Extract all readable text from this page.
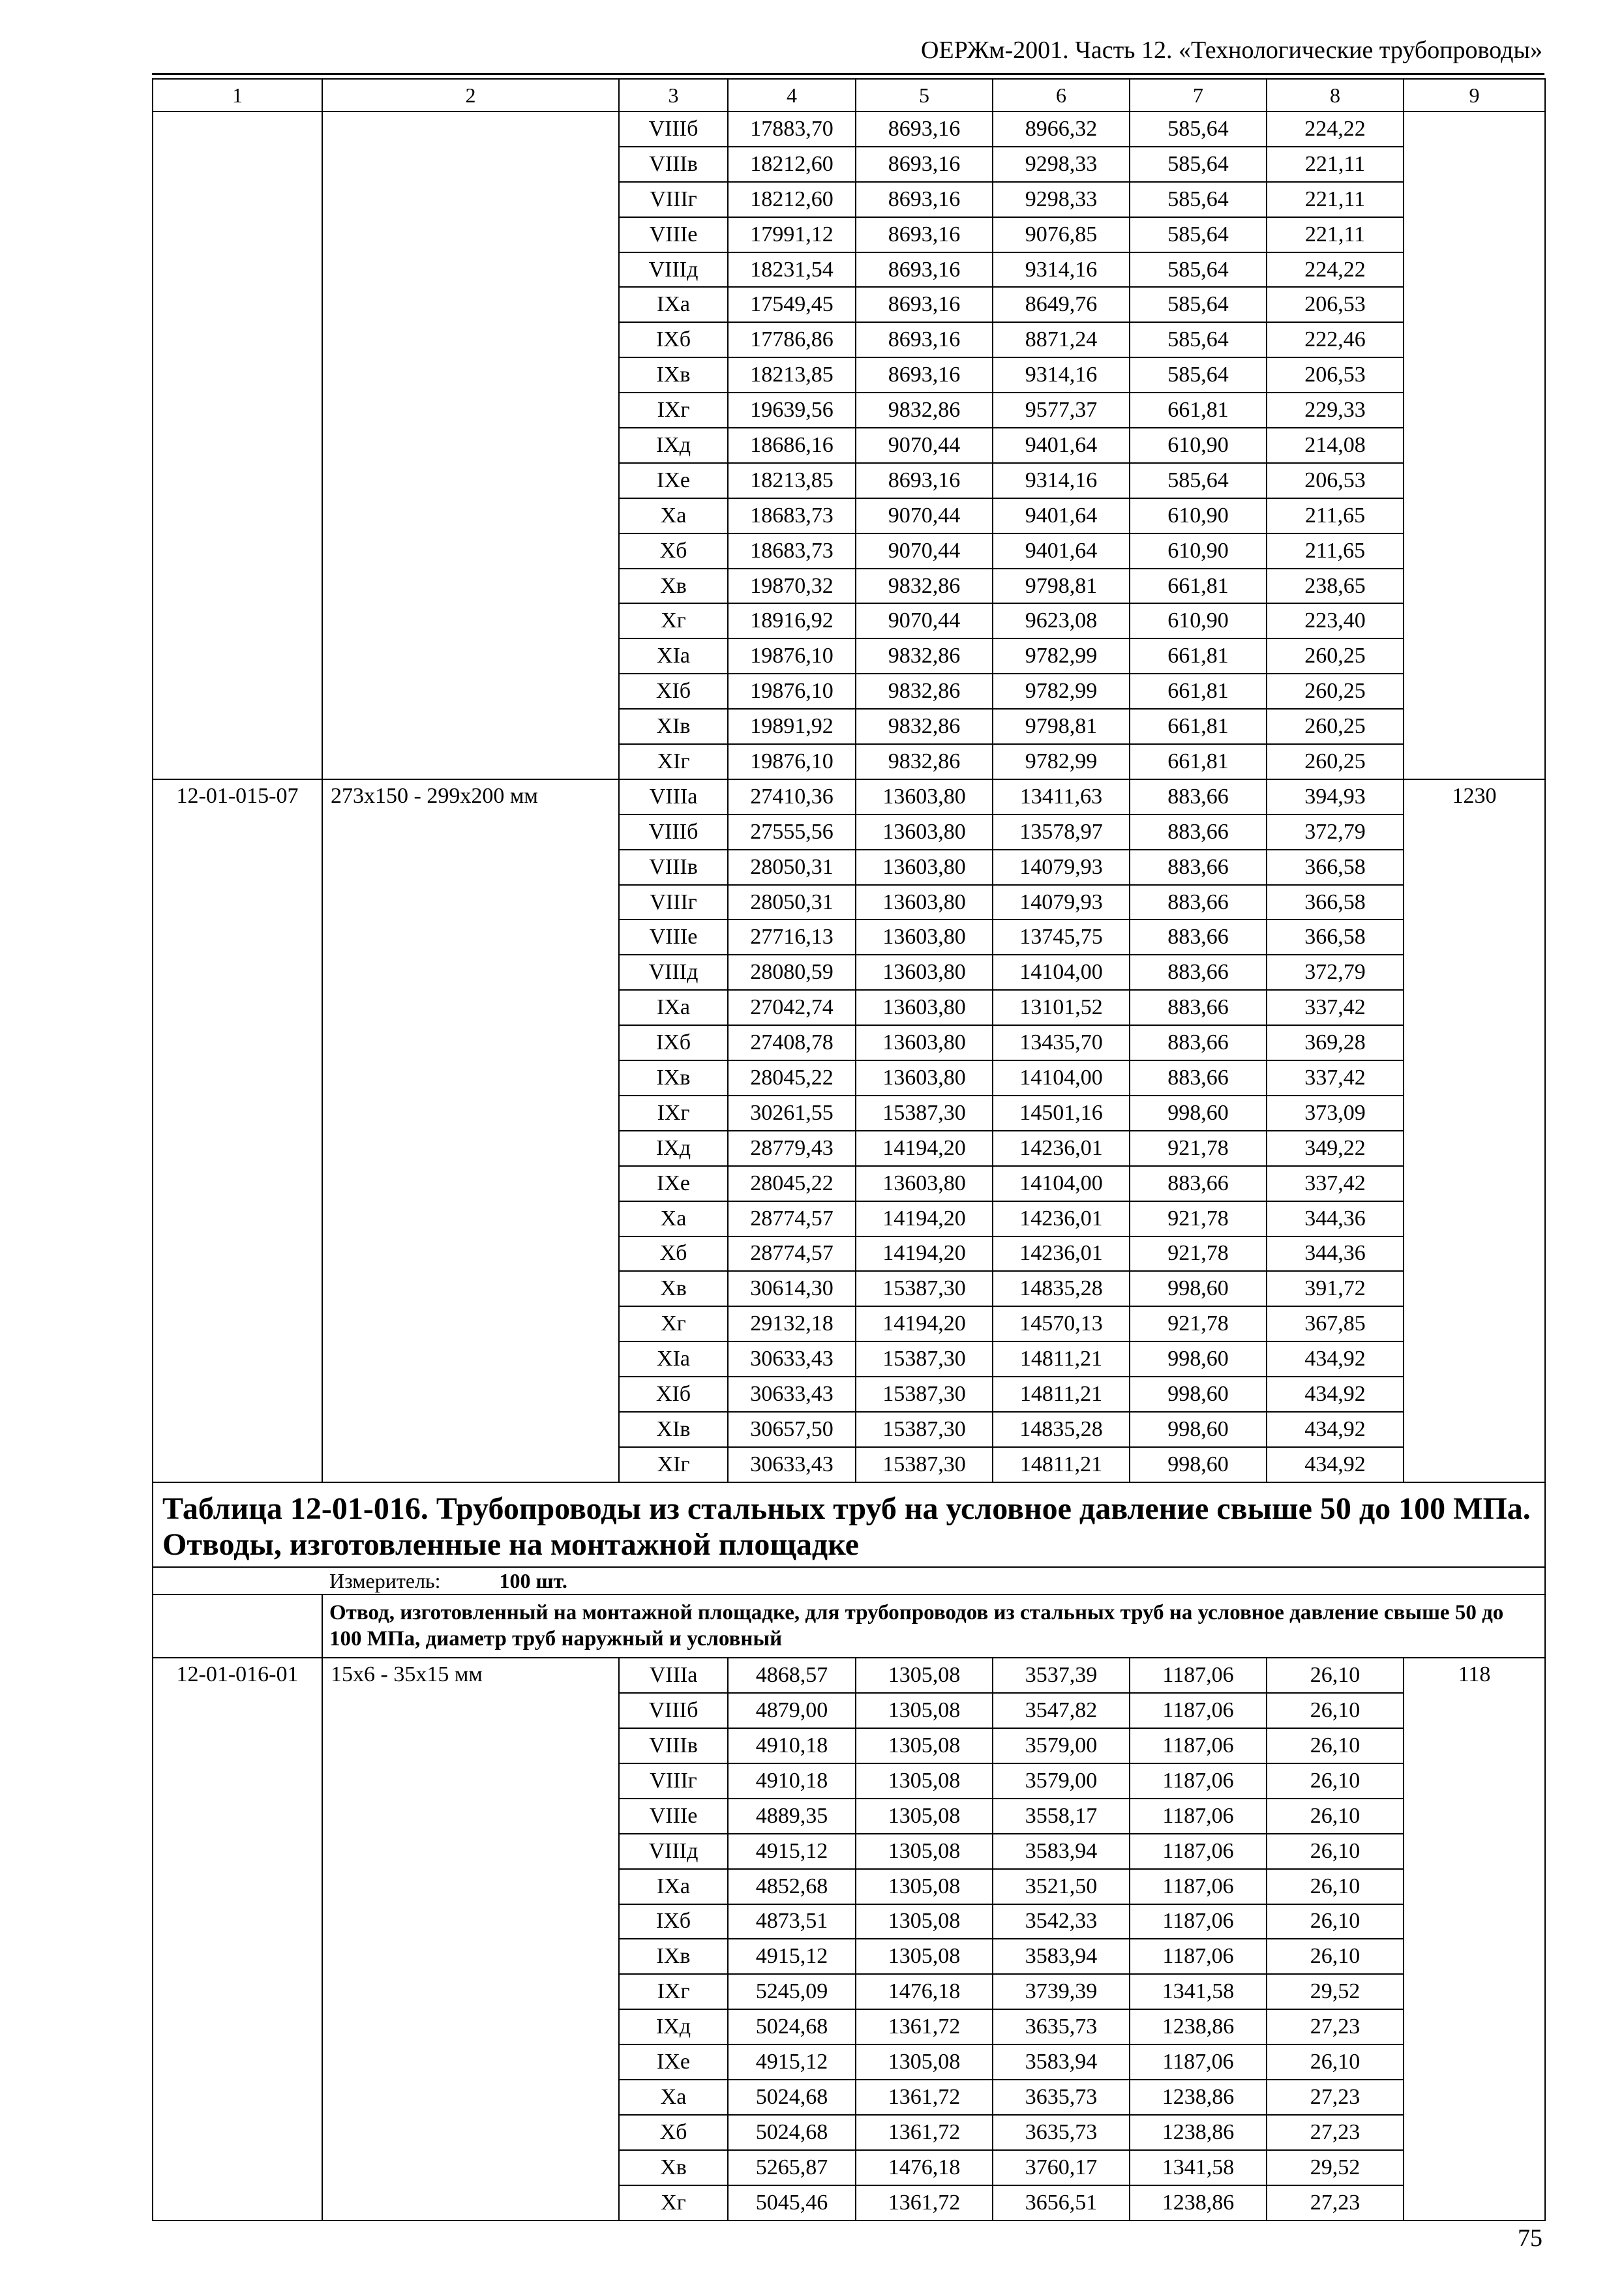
ОЕРЖм-2001. Часть 12. «Технологические трубопроводы»
1	2	3	4	5	6	7	8	9
		VIIIб	17883,70	8693,16	8966,32	585,64	224,22	
		VIIIв	18212,60	8693,16	9298,33	585,64	221,11	
		VIIIг	18212,60	8693,16	9298,33	585,64	221,11	
		VIIIе	17991,12	8693,16	9076,85	585,64	221,11	
		VIIIд	18231,54	8693,16	9314,16	585,64	224,22	
		IXа	17549,45	8693,16	8649,76	585,64	206,53	
		IXб	17786,86	8693,16	8871,24	585,64	222,46	
		IXв	18213,85	8693,16	9314,16	585,64	206,53	
		IXг	19639,56	9832,86	9577,37	661,81	229,33	
		IXд	18686,16	9070,44	9401,64	610,90	214,08	
		IXе	18213,85	8693,16	9314,16	585,64	206,53	
		Xа	18683,73	9070,44	9401,64	610,90	211,65	
		Xб	18683,73	9070,44	9401,64	610,90	211,65	
		Xв	19870,32	9832,86	9798,81	661,81	238,65	
		Xг	18916,92	9070,44	9623,08	610,90	223,40	
		XIа	19876,10	9832,86	9782,99	661,81	260,25	
		XIб	19876,10	9832,86	9782,99	661,81	260,25	
		XIв	19891,92	9832,86	9798,81	661,81	260,25	
		XIг	19876,10	9832,86	9782,99	661,81	260,25	
12-01-015-07	273х150 - 299х200 мм	VIIIа	27410,36	13603,80	13411,63	883,66	394,93	1230
		VIIIб	27555,56	13603,80	13578,97	883,66	372,79	
		VIIIв	28050,31	13603,80	14079,93	883,66	366,58	
		VIIIг	28050,31	13603,80	14079,93	883,66	366,58	
		VIIIе	27716,13	13603,80	13745,75	883,66	366,58	
		VIIIд	28080,59	13603,80	14104,00	883,66	372,79	
		IXа	27042,74	13603,80	13101,52	883,66	337,42	
		IXб	27408,78	13603,80	13435,70	883,66	369,28	
		IXв	28045,22	13603,80	14104,00	883,66	337,42	
		IXг	30261,55	15387,30	14501,16	998,60	373,09	
		IXд	28779,43	14194,20	14236,01	921,78	349,22	
		IXе	28045,22	13603,80	14104,00	883,66	337,42	
		Xа	28774,57	14194,20	14236,01	921,78	344,36	
		Xб	28774,57	14194,20	14236,01	921,78	344,36	
		Xв	30614,30	15387,30	14835,28	998,60	391,72	
		Xг	29132,18	14194,20	14570,13	921,78	367,85	
		XIа	30633,43	15387,30	14811,21	998,60	434,92	
		XIб	30633,43	15387,30	14811,21	998,60	434,92	
		XIв	30657,50	15387,30	14835,28	998,60	434,92	
		XIг	30633,43	15387,30	14811,21	998,60	434,92	
Таблица 12-01-016. Трубопроводы из стальных труб на условное давление свыше 50 до 100 МПа. Отводы, изготовленные на монтажной площадке								
Измеритель: 100 шт.								
	Отвод, изготовленный на монтажной площадке, для трубопроводов из стальных труб на условное давление свыше 50 до 100 МПа, диаметр труб наружный и условный							
12-01-016-01	15х6 - 35х15 мм	VIIIа	4868,57	1305,08	3537,39	1187,06	26,10	118
		VIIIб	4879,00	1305,08	3547,82	1187,06	26,10	
		VIIIв	4910,18	1305,08	3579,00	1187,06	26,10	
		VIIIг	4910,18	1305,08	3579,00	1187,06	26,10	
		VIIIе	4889,35	1305,08	3558,17	1187,06	26,10	
		VIIIд	4915,12	1305,08	3583,94	1187,06	26,10	
		IXа	4852,68	1305,08	3521,50	1187,06	26,10	
		IXб	4873,51	1305,08	3542,33	1187,06	26,10	
		IXв	4915,12	1305,08	3583,94	1187,06	26,10	
		IXг	5245,09	1476,18	3739,39	1341,58	29,52	
		IXд	5024,68	1361,72	3635,73	1238,86	27,23	
		IXе	4915,12	1305,08	3583,94	1187,06	26,10	
		Xа	5024,68	1361,72	3635,73	1238,86	27,23	
		Xб	5024,68	1361,72	3635,73	1238,86	27,23	
		Xв	5265,87	1476,18	3760,17	1341,58	29,52	
		Xг	5045,46	1361,72	3656,51	1238,86	27,23	
75
